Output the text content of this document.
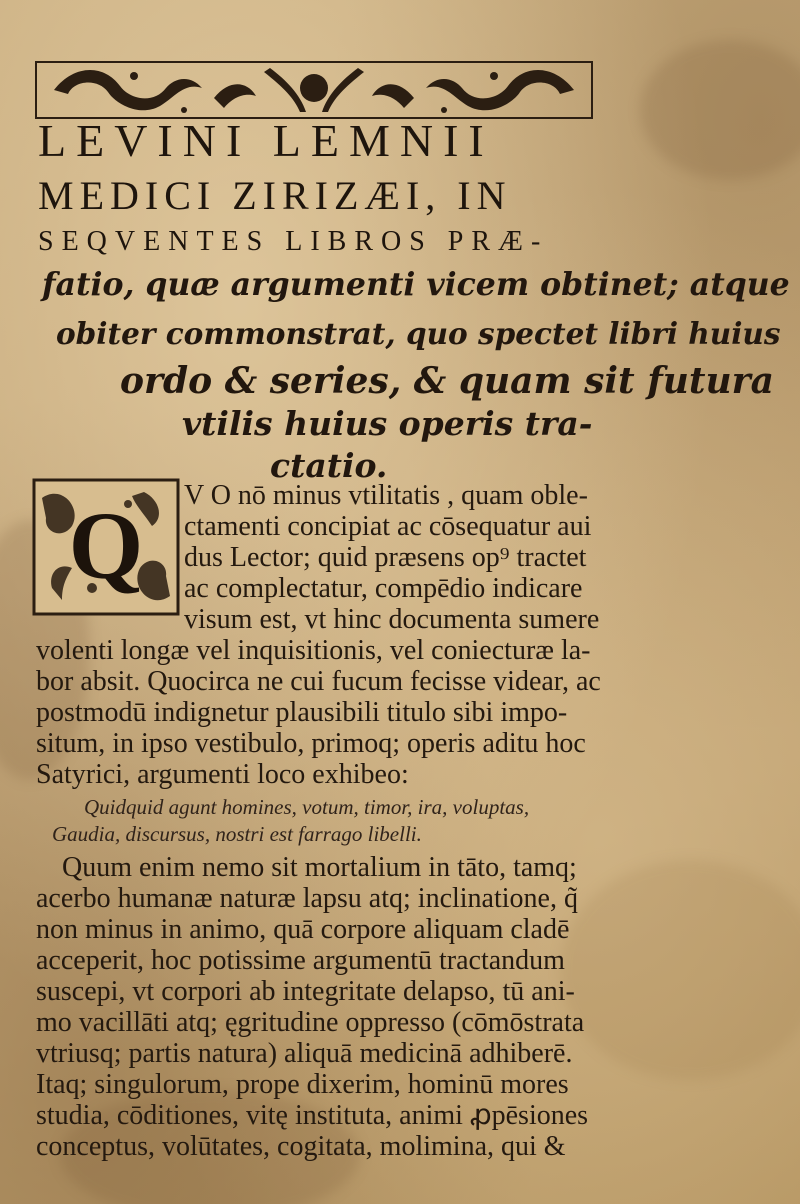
LEVINI LEMNII
MEDICI ZIRIZÆI, IN
SEQVENTES LIBROS PRÆ-
fatio, quæ argumenti vicem obtinet; atque
obiter commonstrat, quo spectet libri huius
ordo & series, & quam sit futura
vtilis huius operis tra-
ctatio.
Q V O nō minus vtilitatis , quam oble-
ctamenti concipiat ac cōsequatur aui
dus Lector; quid præsens op⁹ tractet
ac complectatur, compēdio indicare
visum est, vt hinc documenta sumere
volenti longæ vel inquisitionis, vel coniecturæ la-
bor absit. Quocirca ne cui fucum fecisse videar, ac
postmodū indignetur plausibili titulo sibi impo-
situm, in ipso vestibulo, primoq; operis aditu hoc
Satyrici, argumenti loco exhibeo:
Quidquid agunt homines, votum, timor, ira, voluptas,
Gaudia, discursus, nostri est farrago libelli.
Quum enim nemo sit mortalium in tāto, tamq;
acerbo humanæ naturæ lapsu atq; inclinatione, q̃
non minus in animo, quā corpore aliquam cladē
acceperit, hoc potissime argumentū tractandum
suscepi, vt corpori ab integritate delapso, tū ani-
mo vacillāti atq; ęgritudine oppresso (cōmōstrata
vtriusq; partis natura) aliquā medicinā adhiberē.
Itaq; singulorum, prope dixerim, hominū mores
studia, cōditiones, vitę instituta, animi ꝓpēsiones
conceptus, volūtates, cogitata, molimina, qui &
